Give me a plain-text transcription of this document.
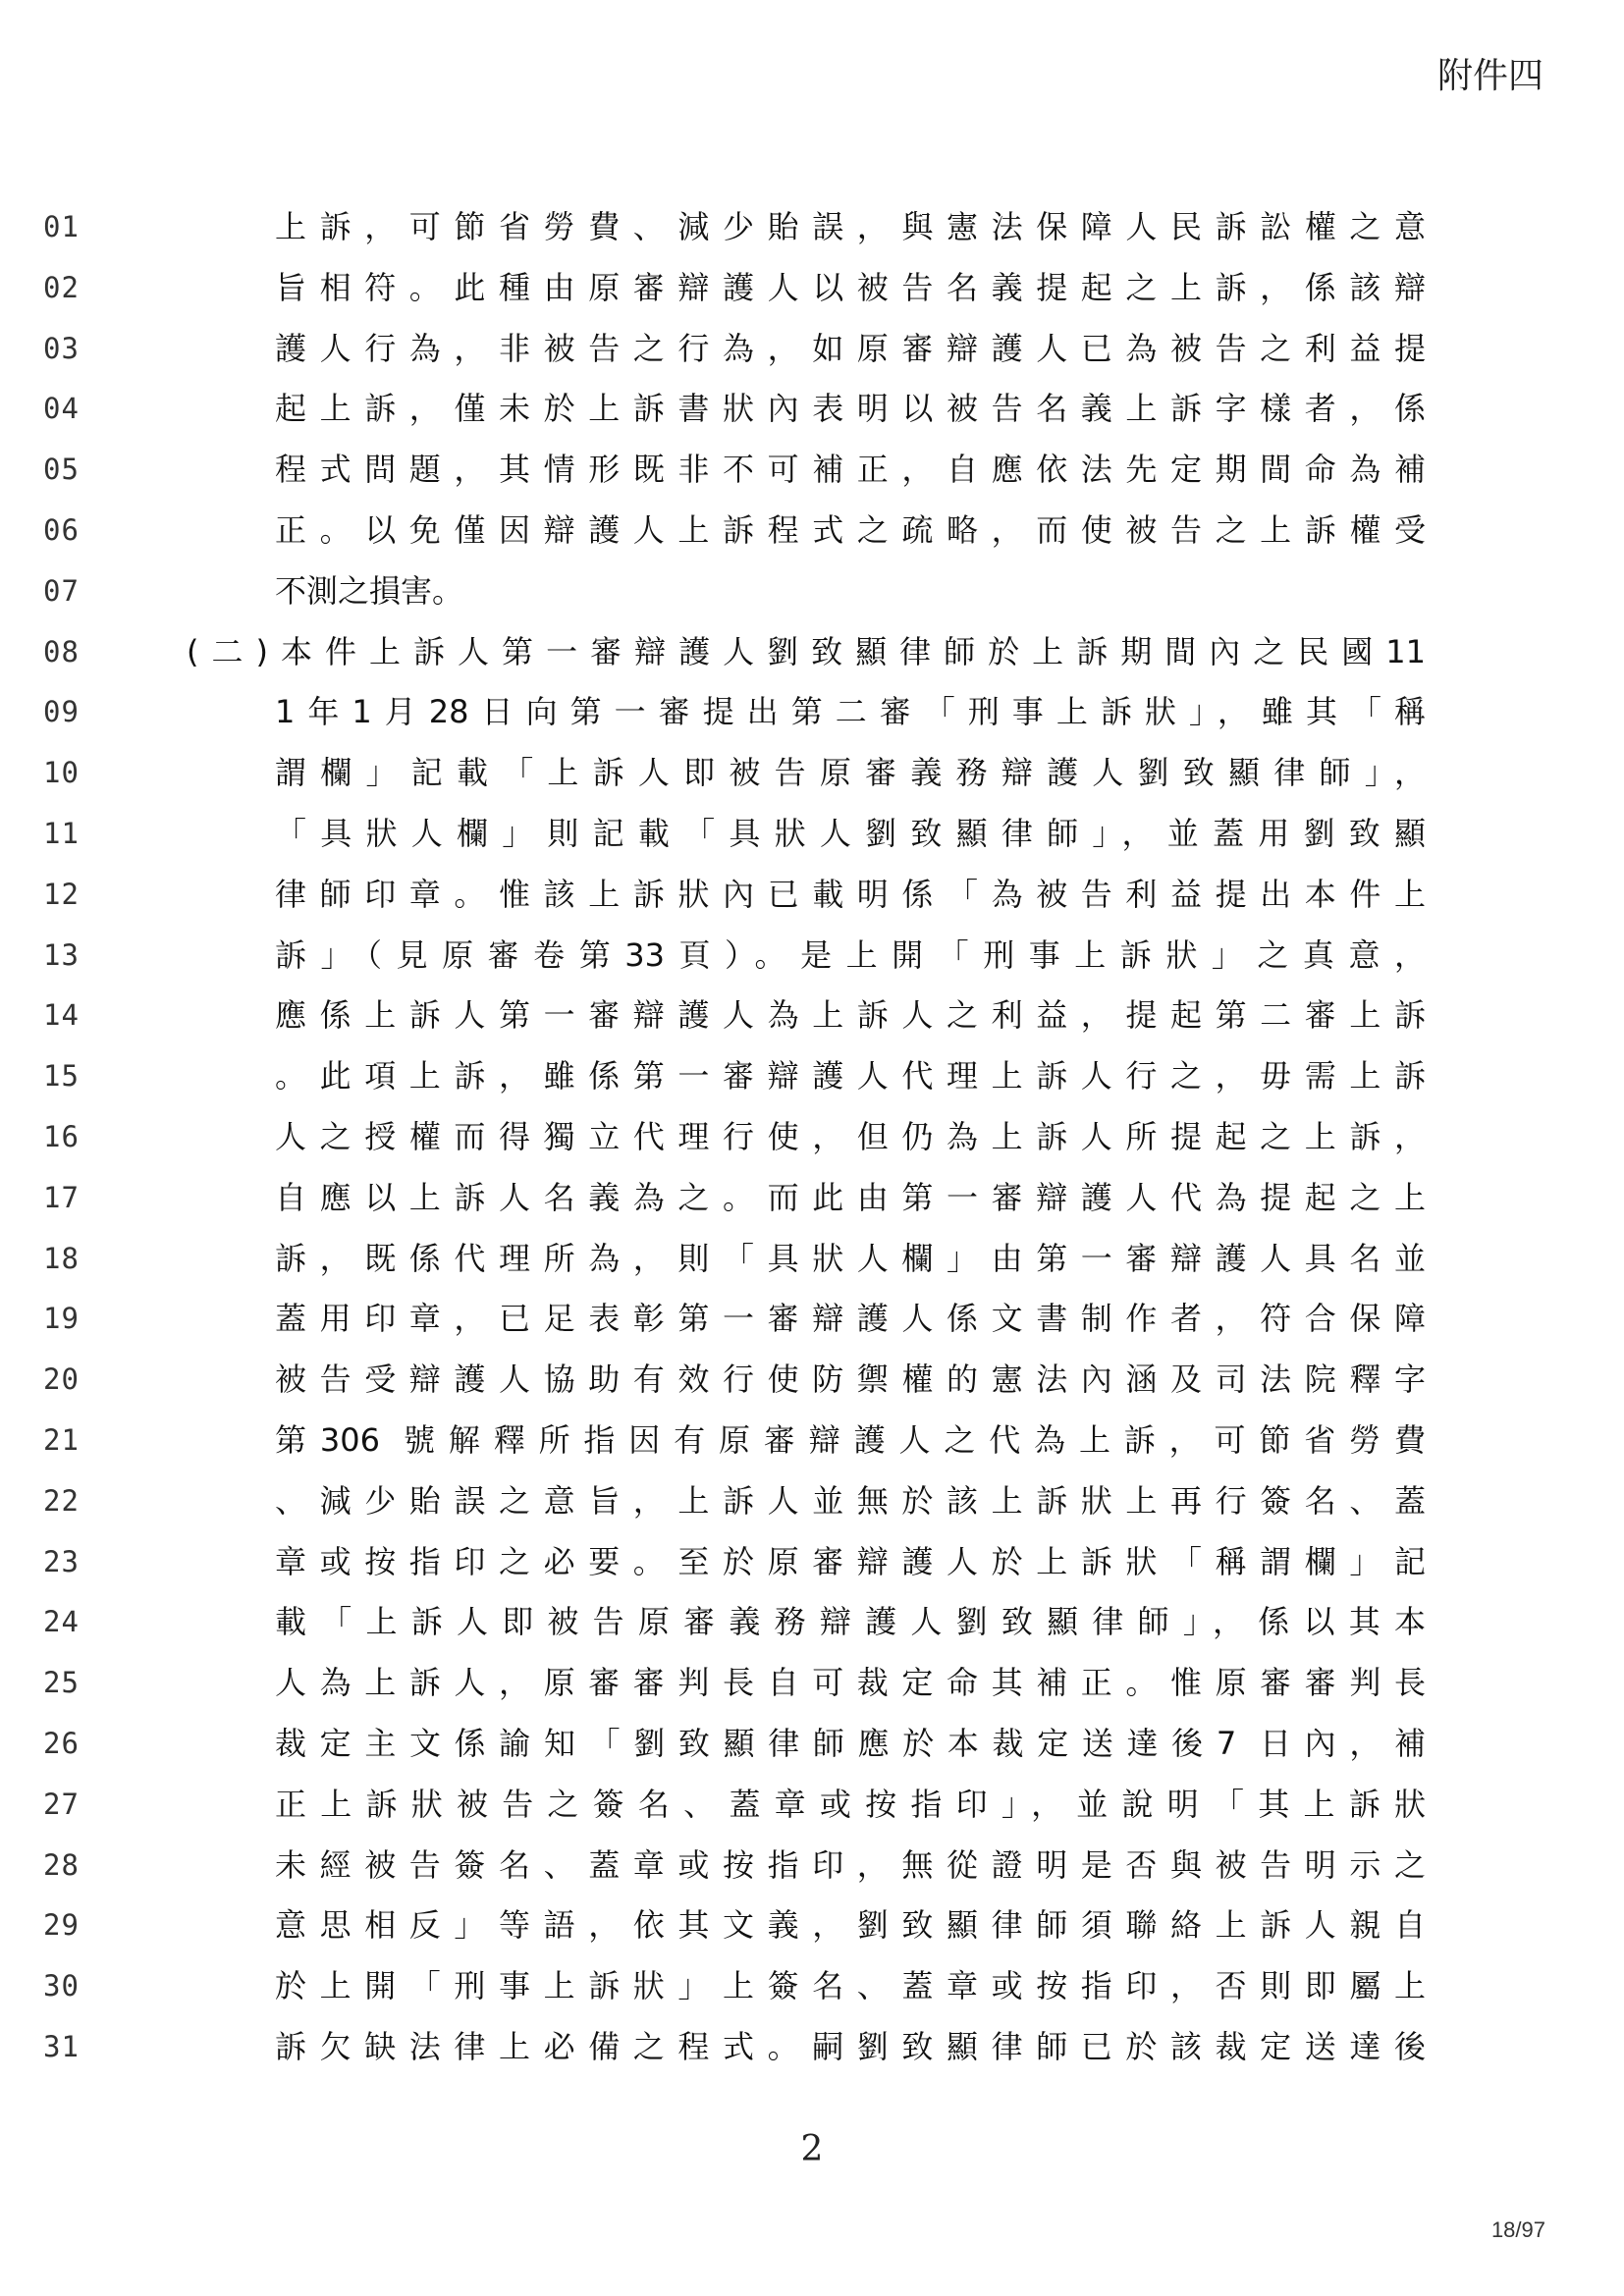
附件四
01	上訴，可節省勞費、減少貽誤，與憲法保障人民訴訟權之意
02	旨相符。此種由原審辯護人以被告名義提起之上訴，係該辯
03	護人行為，非被告之行為，如原審辯護人已為被告之利益提
04	起上訴，僅未於上訴書狀內表明以被告名義上訴字樣者，係
05	程式問題，其情形既非不可補正，自應依法先定期間命為補
06	正。以免僅因辯護人上訴程式之疏略，而使被告之上訴權受
07	不測之損害。
08	(二)本件上訴人第一審辯護人劉致顯律師於上訴期間內之民國11
09	1年1月28日向第一審提出第二審「刑事上訴狀」，雖其「稱
10	謂欄」記載「上訴人即被告原審義務辯護人劉致顯律師」，
11	「具狀人欄」則記載「具狀人劉致顯律師」，並蓋用劉致顯
12	律師印章。惟該上訴狀內已載明係「為被告利益提出本件上
13	訴」（見原審卷第33頁）。是上開「刑事上訴狀」之真意，
14	應係上訴人第一審辯護人為上訴人之利益，提起第二審上訴
15	。此項上訴，雖係第一審辯護人代理上訴人行之，毋需上訴
16	人之授權而得獨立代理行使，但仍為上訴人所提起之上訴，
17	自應以上訴人名義為之。而此由第一審辯護人代為提起之上
18	訴，既係代理所為，則「具狀人欄」由第一審辯護人具名並
19	蓋用印章，已足表彰第一審辯護人係文書制作者，符合保障
20	被告受辯護人協助有效行使防禦權的憲法內涵及司法院釋字
21	第306 號解釋所指因有原審辯護人之代為上訴，可節省勞費
22	、減少貽誤之意旨，上訴人並無於該上訴狀上再行簽名、蓋
23	章或按指印之必要。至於原審辯護人於上訴狀「稱謂欄」記
24	載「上訴人即被告原審義務辯護人劉致顯律師」，係以其本
25	人為上訴人，原審審判長自可裁定命其補正。惟原審審判長
26	裁定主文係諭知「劉致顯律師應於本裁定送達後7 日內，補
27	正上訴狀被告之簽名、蓋章或按指印」，並說明「其上訴狀
28	未經被告簽名、蓋章或按指印，無從證明是否與被告明示之
29	意思相反」等語，依其文義，劉致顯律師須聯絡上訴人親自
30	於上開「刑事上訴狀」上簽名、蓋章或按指印，否則即屬上
31	訴欠缺法律上必備之程式。嗣劉致顯律師已於該裁定送達後
2
18/97
